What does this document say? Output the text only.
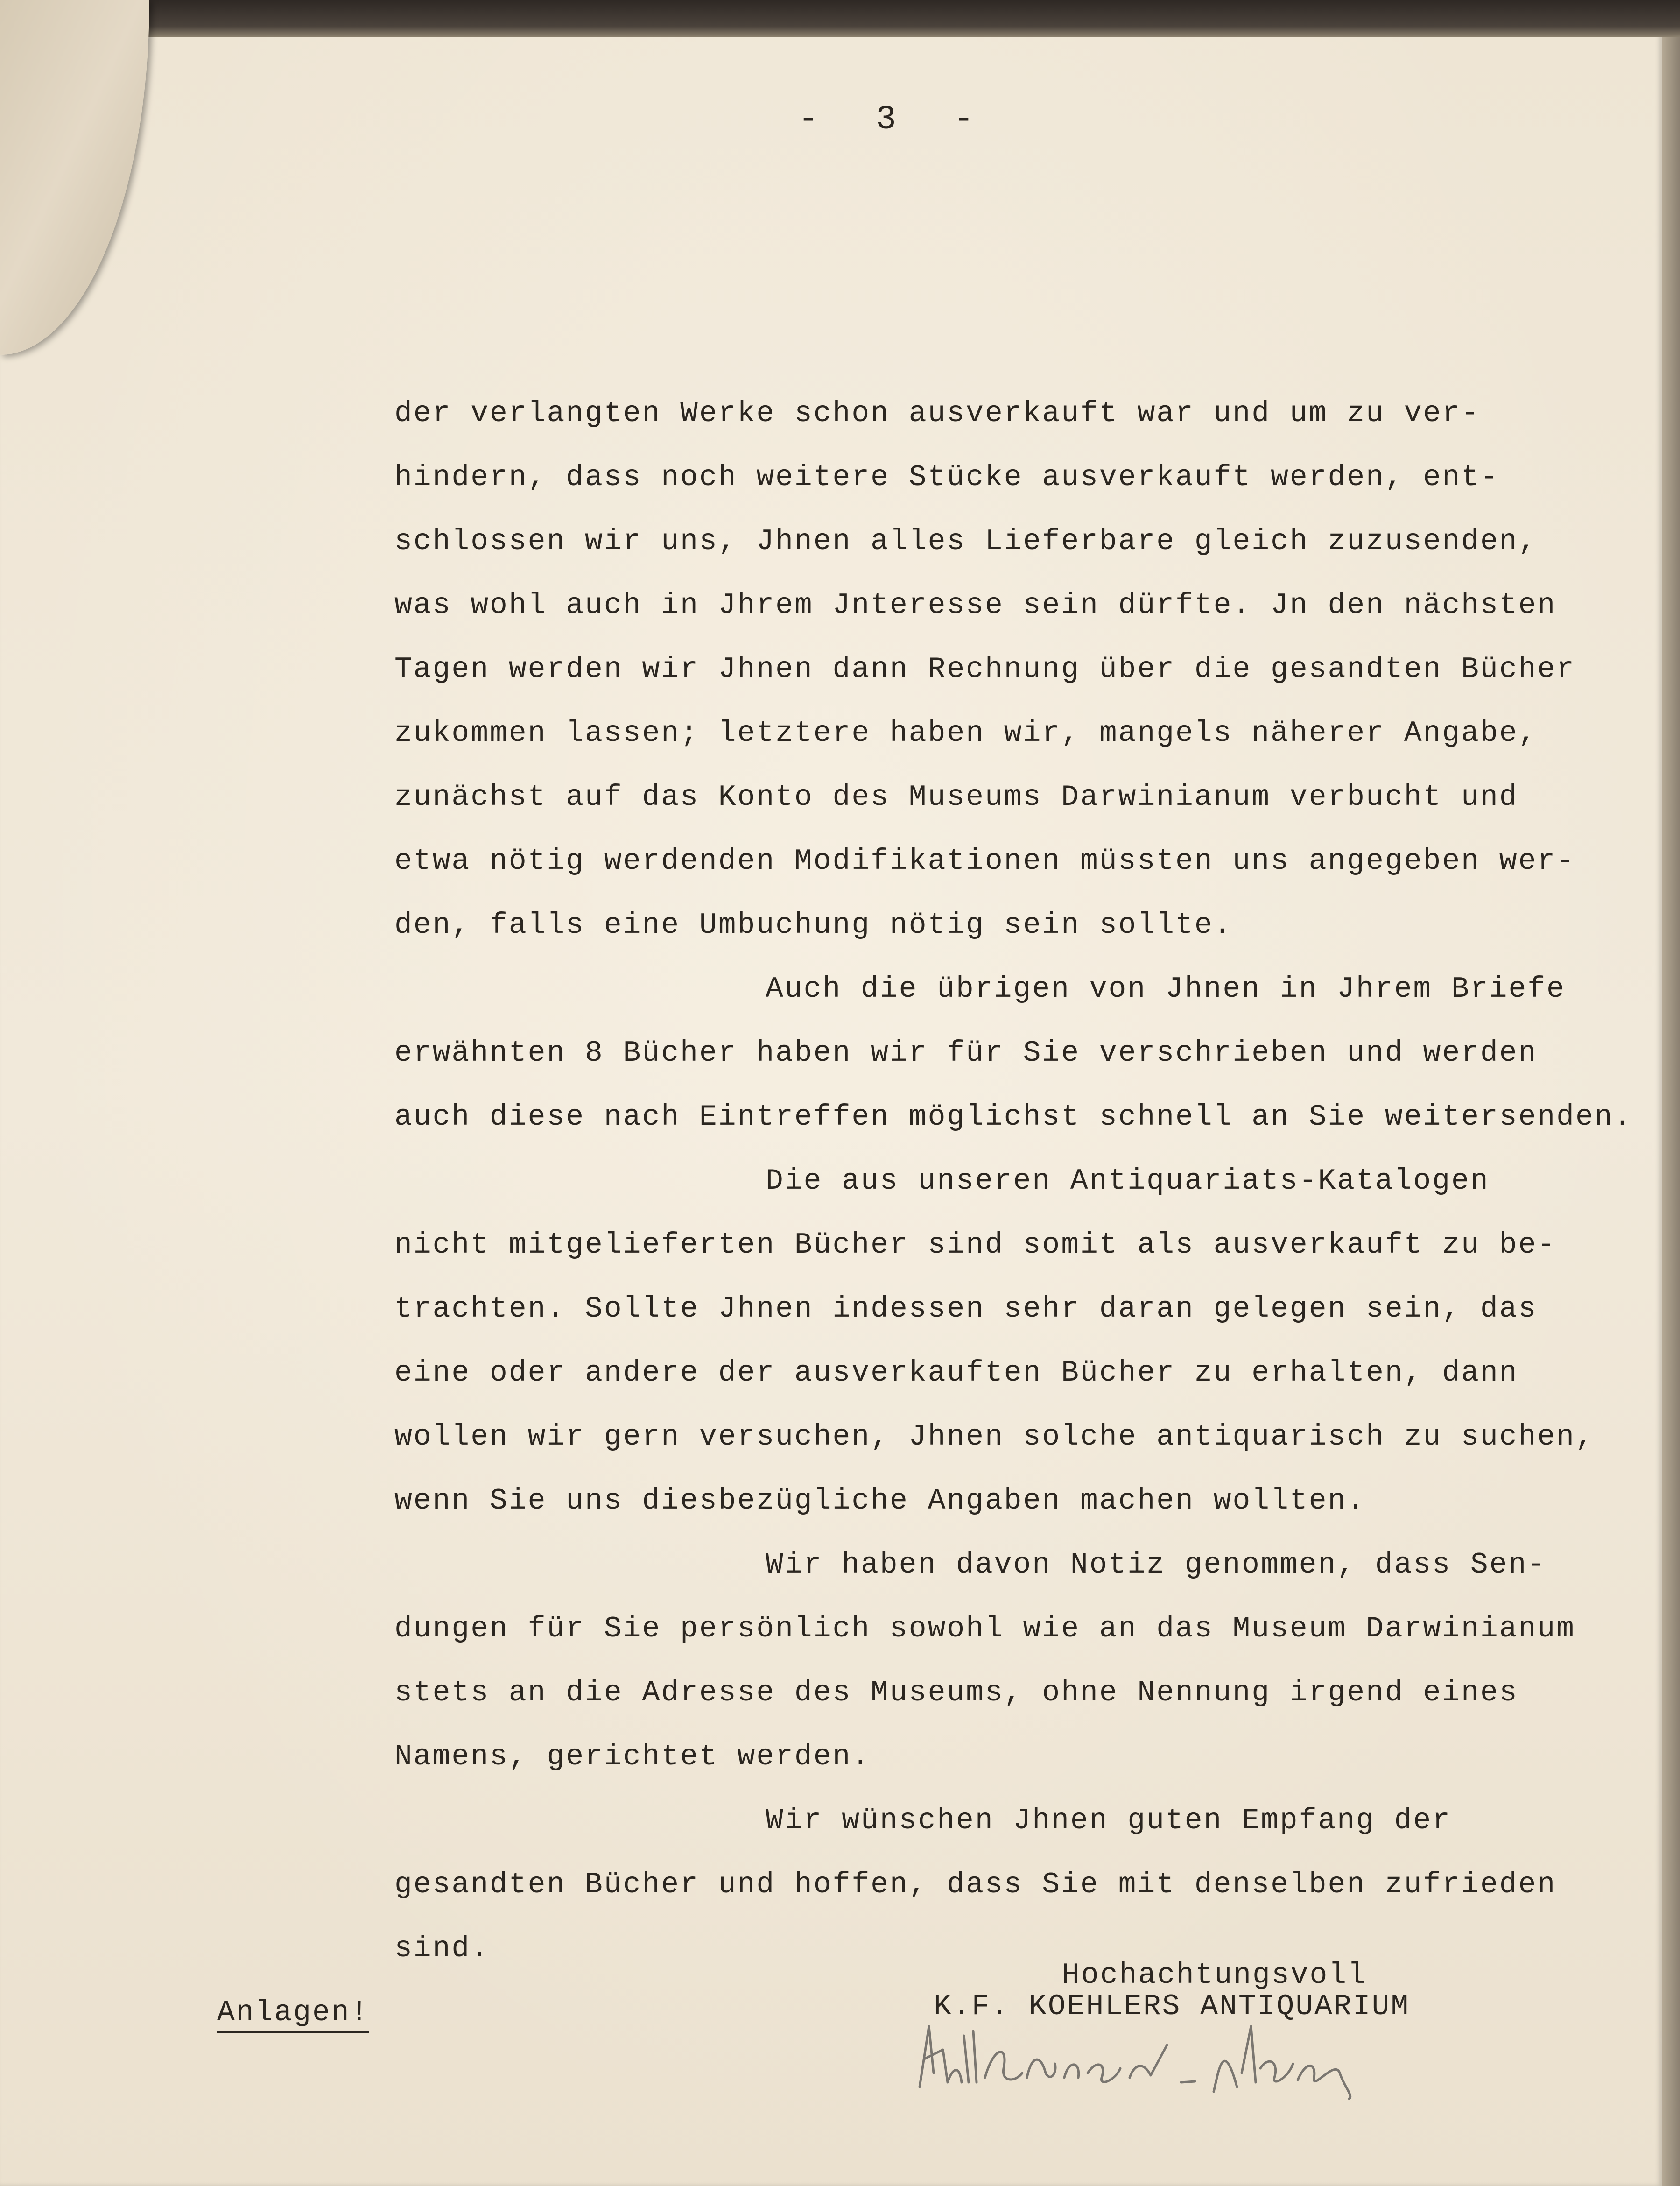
- 3 -

der verlangten Werke schon ausverkauft war und um zu ver-

hindern, dass noch weitere Stücke ausverkauft werden, ent-

schlossen wir uns, Jhnen alles Lieferbare gleich zuzusenden,

was wohl auch in Jhrem Jnteresse sein dürfte. Jn den nächsten

Tagen werden wir Jhnen dann Rechnung über die gesandten Bücher

zukommen lassen; letztere haben wir, mangels näherer Angabe,

zunächst auf das Konto des Museums Darwinianum verbucht und

etwa nötig werdenden Modifikationen müssten uns angegeben wer-

den, falls eine Umbuchung nötig sein sollte.

Auch die übrigen von Jhnen in Jhrem Briefe

erwähnten 8 Bücher haben wir für Sie verschrieben und werden

auch diese nach Eintreffen möglichst schnell an Sie weitersenden.

Die aus unseren Antiquariats-Katalogen

nicht mitgelieferten Bücher sind somit als ausverkauft zu be-

trachten. Sollte Jhnen indessen sehr daran gelegen sein, das

eine oder andere der ausverkauften Bücher zu erhalten, dann

wollen wir gern versuchen, Jhnen solche antiquarisch zu suchen,

wenn Sie uns diesbezügliche Angaben machen wollten.

Wir haben davon Notiz genommen, dass Sen-

dungen für Sie persönlich sowohl wie an das Museum Darwinianum

stets an die Adresse des Museums, ohne Nennung irgend eines

Namens, gerichtet werden.

Wir wünschen Jhnen guten Empfang der

gesandten Bücher und hoffen, dass Sie mit denselben zufrieden

sind.

Hochachtungsvoll
K.F. KOEHLERS ANTIQUARIUM
Anlagen!
